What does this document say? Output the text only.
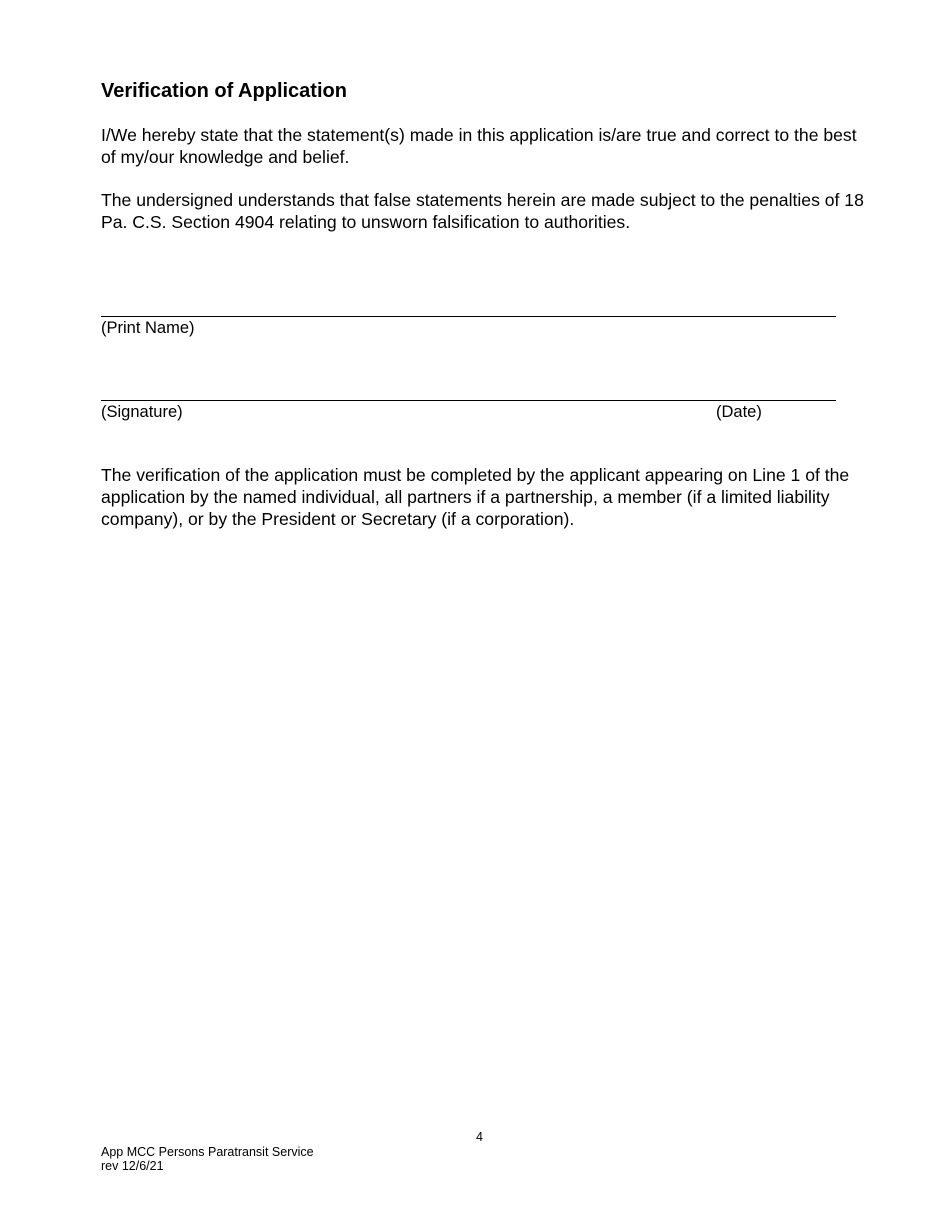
Verification of Application

I/We hereby state that the statement(s) made in this application is/are true and correct to the best of my/our knowledge and belief.

The undersigned understands that false statements herein are made subject to the penalties of 18 Pa. C.S. Section 4904 relating to unsworn falsification to authorities.

(Print Name)
(Signature)	(Date)

The verification of the application must be completed by the applicant appearing on Line 1 of the application by the named individual, all partners if a partnership, a member (if a limited liability company), or by the President or Secretary (if a corporation).

4
App MCC Persons Paratransit Service
rev 12/6/21
